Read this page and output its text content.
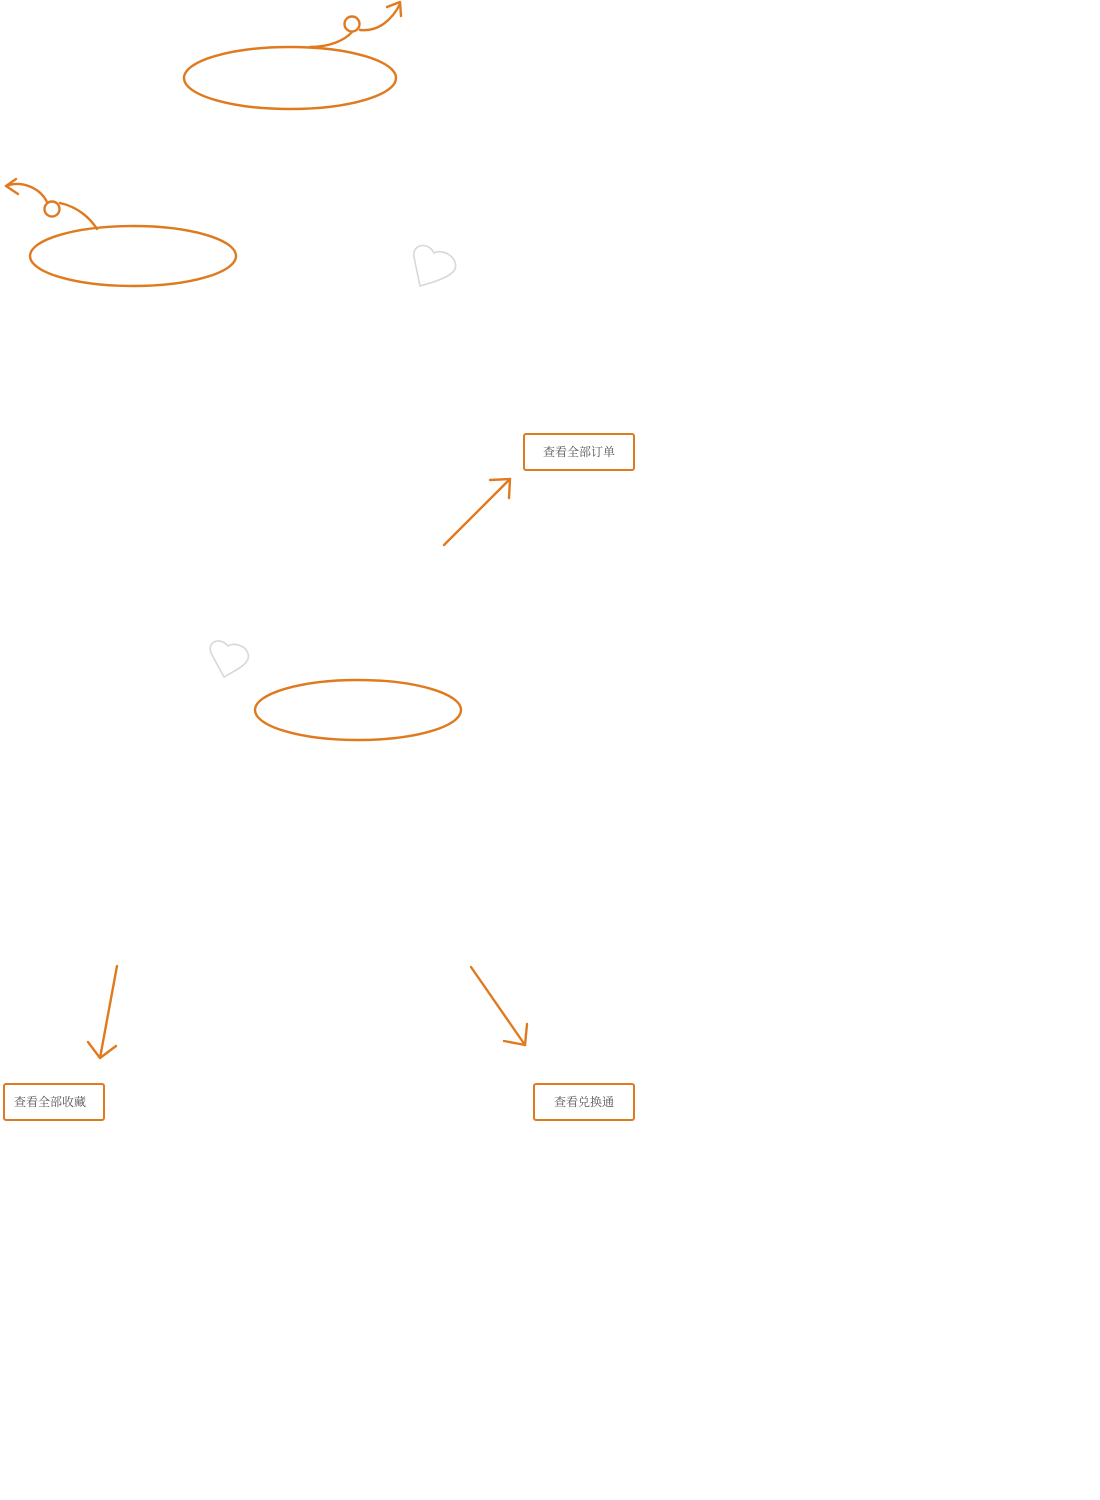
查看全部订单
查看全部收藏	查看兑换通
